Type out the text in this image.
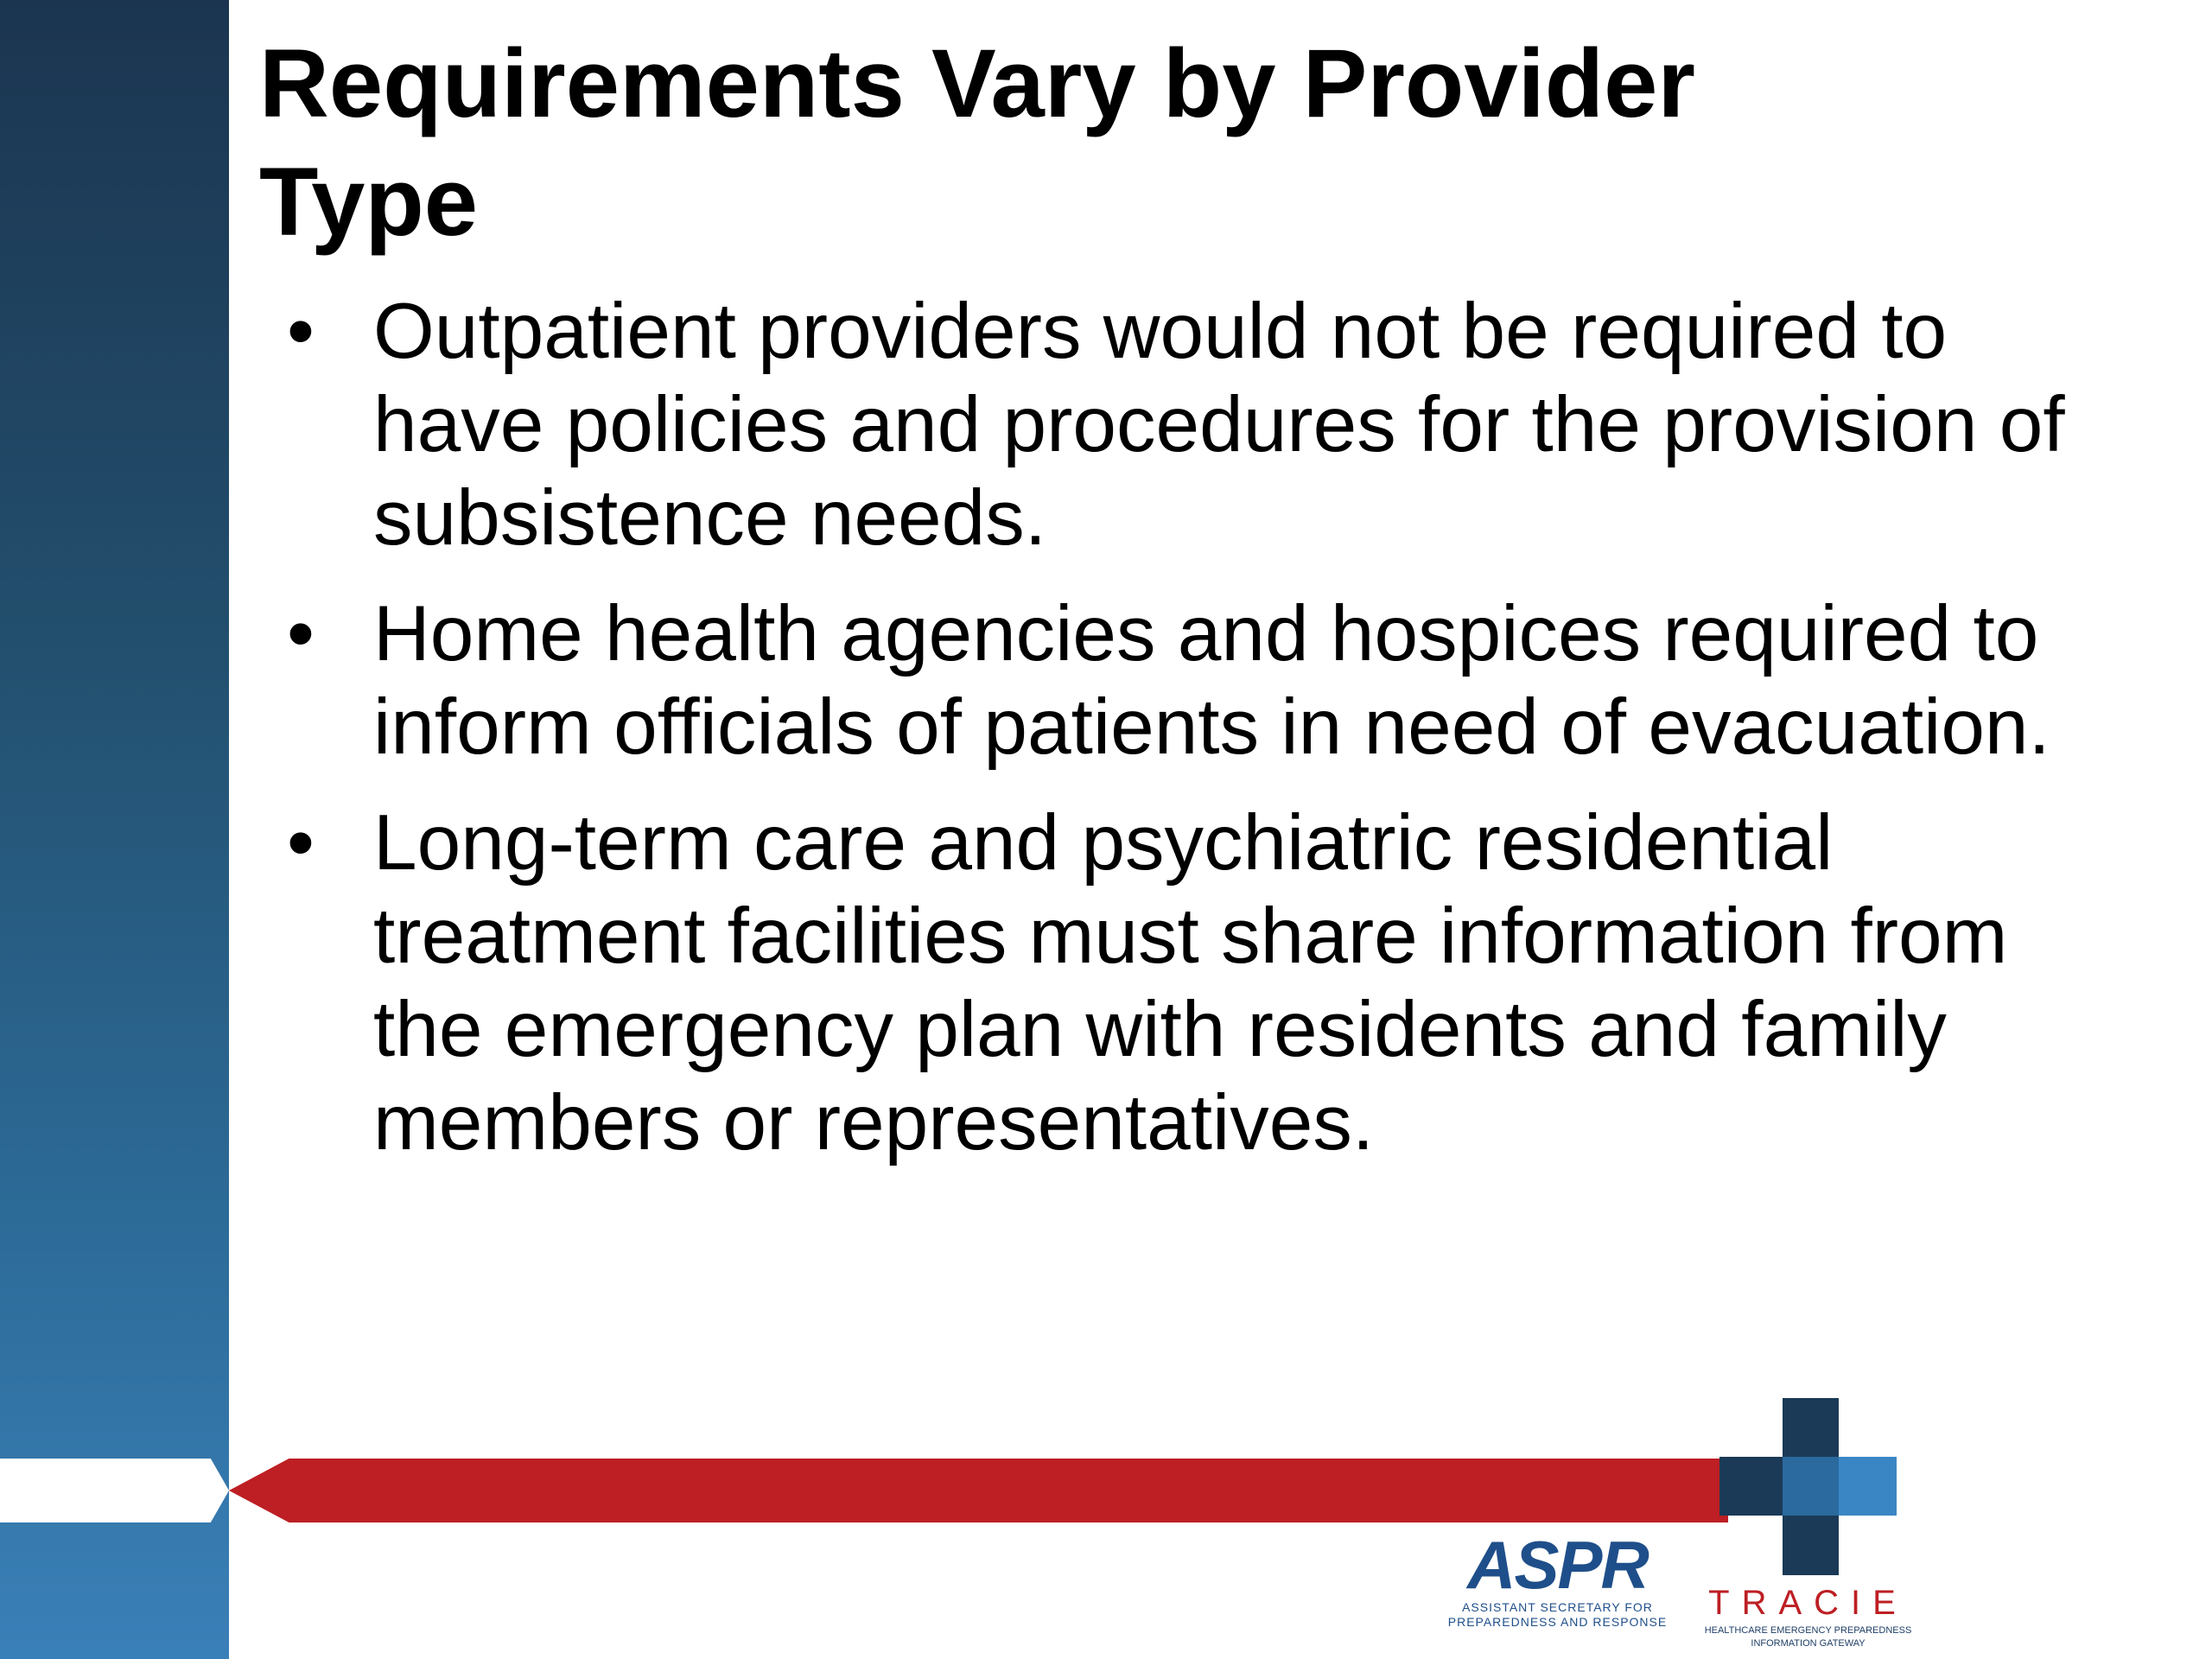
Requirements Vary by Provider Type
• Outpatient providers would not be required to have policies and procedures for the provision of subsistence needs.
• Home health agencies and hospices required to inform officials of patients in need of evacuation.
• Long-term care and psychiatric residential treatment facilities must share information from the emergency plan with residents and family members or representatives.
ASPR
ASSISTANT SECRETARY FOR
PREPAREDNESS AND RESPONSE	TRACIE
HEALTHCARE EMERGENCY PREPAREDNESS
INFORMATION GATEWAY
